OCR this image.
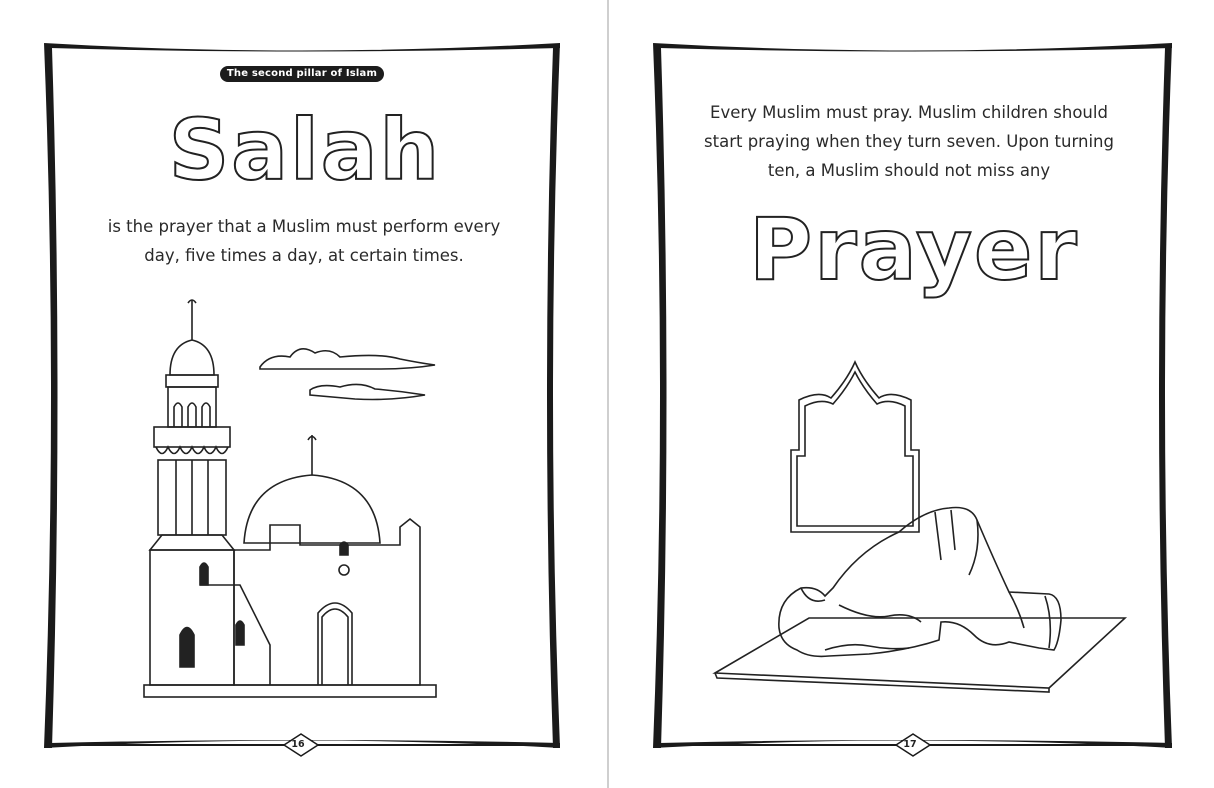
The second pillar of Islam
Salah
is the prayer that a Muslim must perform every
day, five times a day, at certain times.
16
Every Muslim must pray. Muslim children should
start praying when they turn seven. Upon turning
ten, a Muslim should not miss any
Prayer
17
